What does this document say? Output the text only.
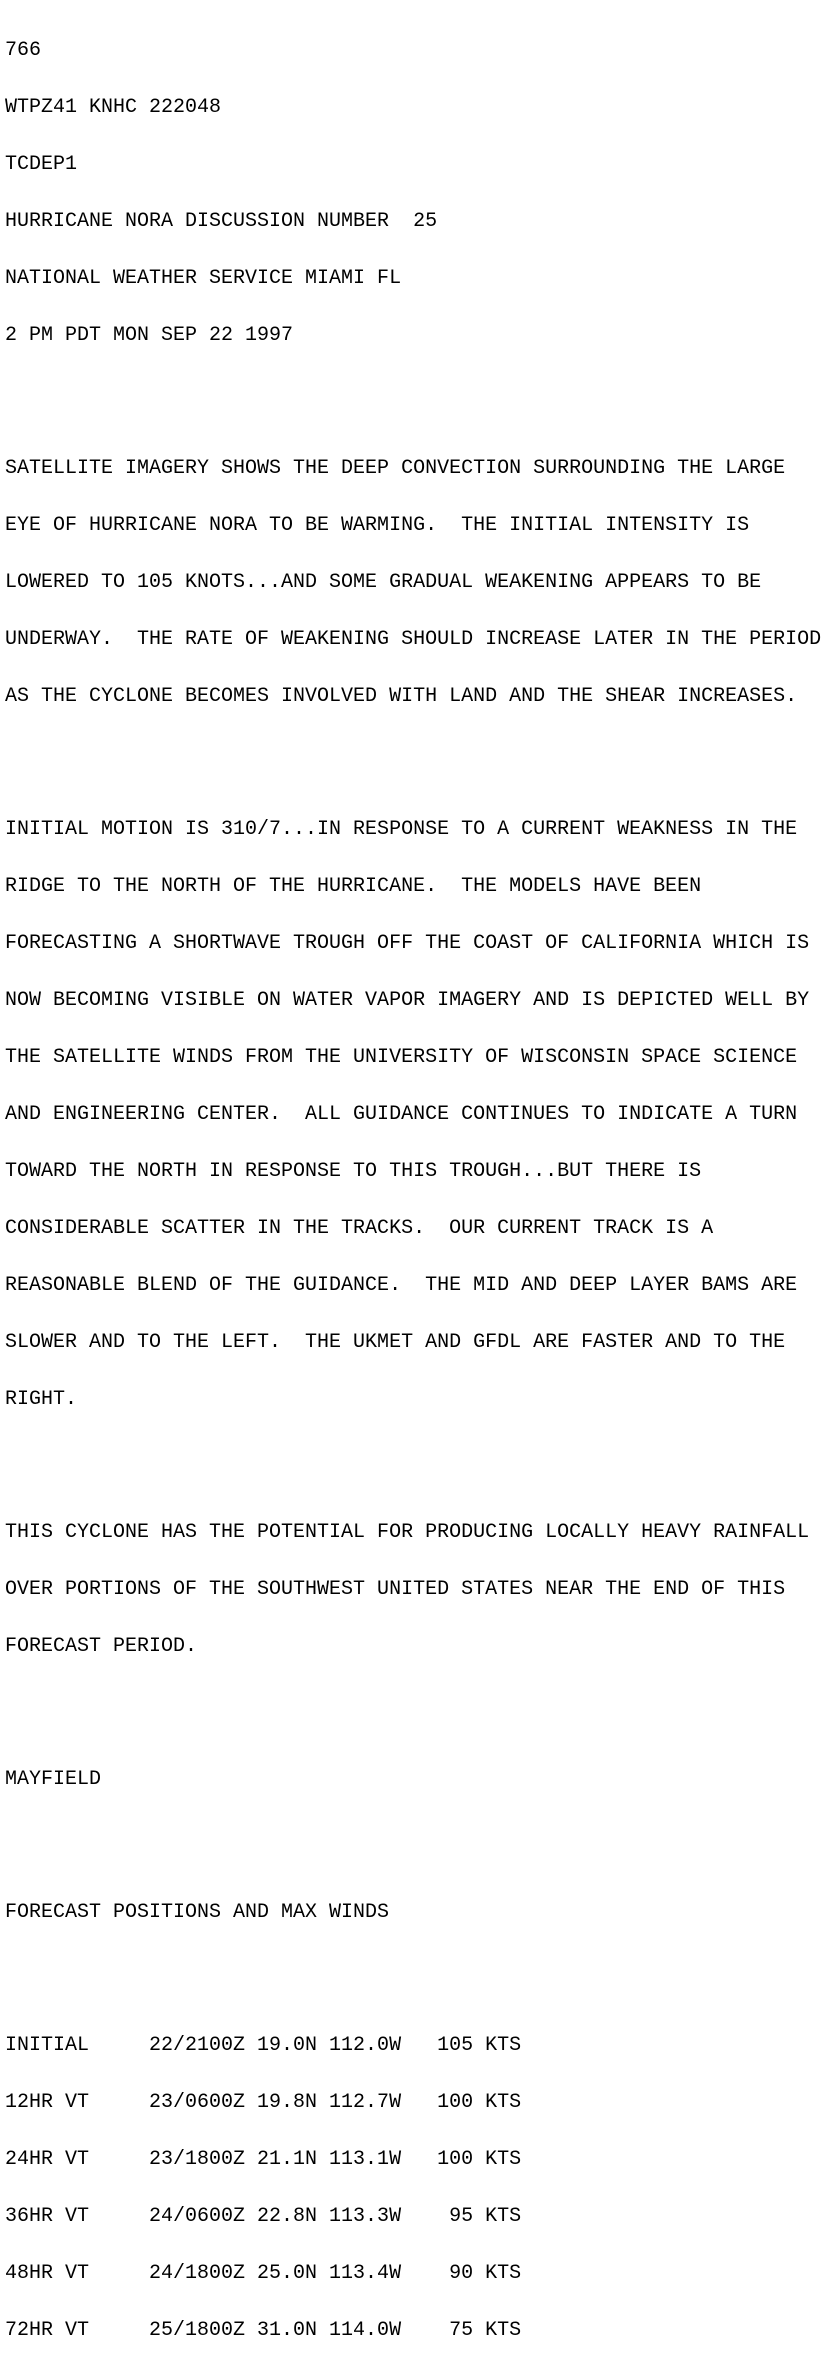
766

WTPZ41 KNHC 222048

TCDEP1

HURRICANE NORA DISCUSSION NUMBER  25

NATIONAL WEATHER SERVICE MIAMI FL

2 PM PDT MON SEP 22 1997

SATELLITE IMAGERY SHOWS THE DEEP CONVECTION SURROUNDING THE LARGE

EYE OF HURRICANE NORA TO BE WARMING.  THE INITIAL INTENSITY IS

LOWERED TO 105 KNOTS...AND SOME GRADUAL WEAKENING APPEARS TO BE

UNDERWAY.  THE RATE OF WEAKENING SHOULD INCREASE LATER IN THE PERIOD

AS THE CYCLONE BECOMES INVOLVED WITH LAND AND THE SHEAR INCREASES.

INITIAL MOTION IS 310/7...IN RESPONSE TO A CURRENT WEAKNESS IN THE

RIDGE TO THE NORTH OF THE HURRICANE.  THE MODELS HAVE BEEN

FORECASTING A SHORTWAVE TROUGH OFF THE COAST OF CALIFORNIA WHICH IS

NOW BECOMING VISIBLE ON WATER VAPOR IMAGERY AND IS DEPICTED WELL BY

THE SATELLITE WINDS FROM THE UNIVERSITY OF WISCONSIN SPACE SCIENCE

AND ENGINEERING CENTER.  ALL GUIDANCE CONTINUES TO INDICATE A TURN

TOWARD THE NORTH IN RESPONSE TO THIS TROUGH...BUT THERE IS

CONSIDERABLE SCATTER IN THE TRACKS.  OUR CURRENT TRACK IS A

REASONABLE BLEND OF THE GUIDANCE.  THE MID AND DEEP LAYER BAMS ARE

SLOWER AND TO THE LEFT.  THE UKMET AND GFDL ARE FASTER AND TO THE

RIGHT.

THIS CYCLONE HAS THE POTENTIAL FOR PRODUCING LOCALLY HEAVY RAINFALL

OVER PORTIONS OF THE SOUTHWEST UNITED STATES NEAR THE END OF THIS

FORECAST PERIOD.

MAYFIELD

FORECAST POSITIONS AND MAX WINDS

INITIAL     22/2100Z 19.0N 112.0W   105 KTS

12HR VT     23/0600Z 19.8N 112.7W   100 KTS

24HR VT     23/1800Z 21.1N 113.1W   100 KTS

36HR VT     24/0600Z 22.8N 113.3W    95 KTS

48HR VT     24/1800Z 25.0N 113.4W    90 KTS

72HR VT     25/1800Z 31.0N 114.0W    75 KTS
